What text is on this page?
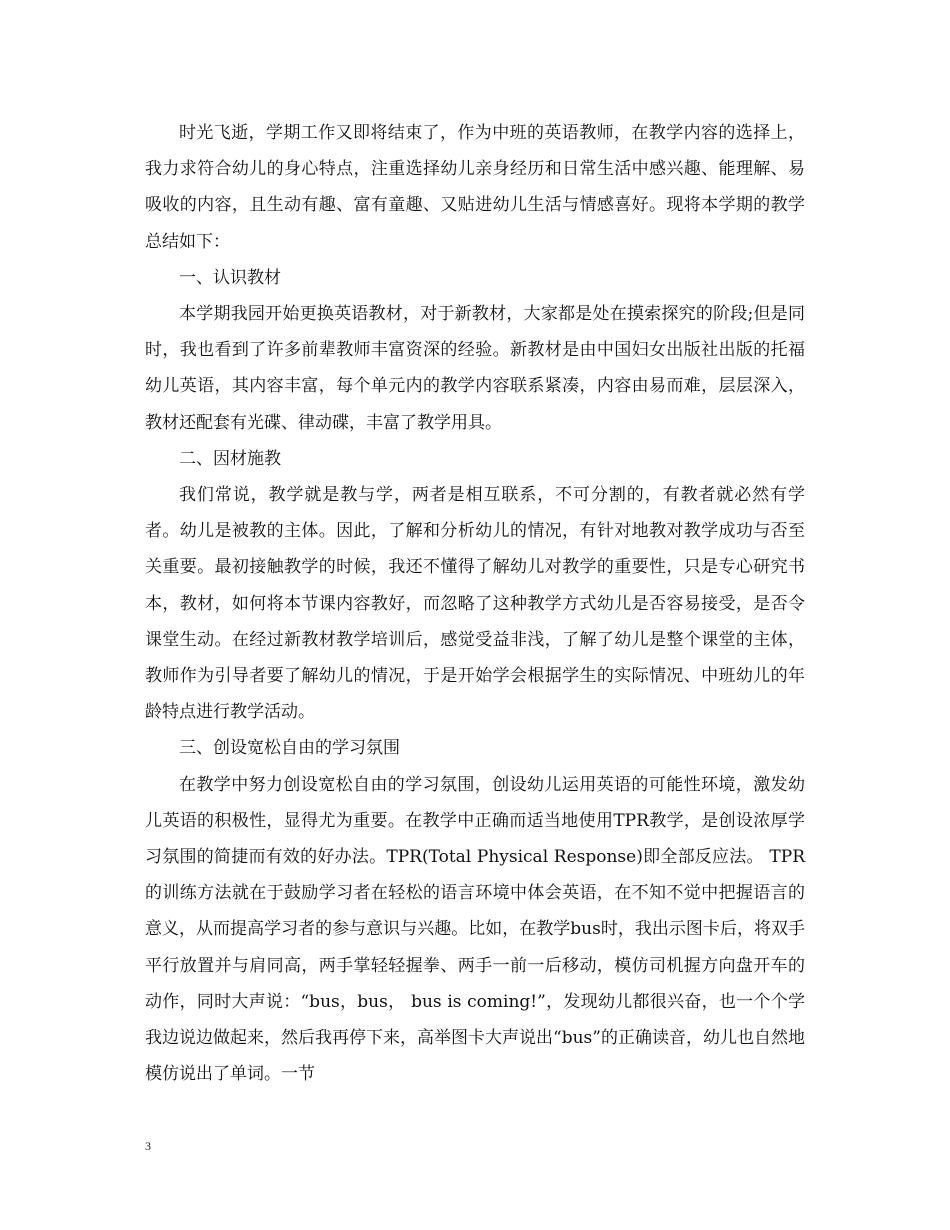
时光飞逝，学期工作又即将结束了，作为中班的英语教师，在教学内容的选择上，我力求符合幼儿的身心特点，注重选择幼儿亲身经历和日常生活中感兴趣、能理解、易吸收的内容，且生动有趣、富有童趣、又贴进幼儿生活与情感喜好。现将本学期的教学总结如下：

一、认识教材

本学期我园开始更换英语教材，对于新教材，大家都是处在摸索探究的阶段;但是同时，我也看到了许多前辈教师丰富资深的经验。新教材是由中国妇女出版社出版的托福幼儿英语，其内容丰富，每个单元内的教学内容联系紧凑，内容由易而难，层层深入，教材还配套有光碟、律动碟，丰富了教学用具。

二、因材施教

我们常说，教学就是教与学，两者是相互联系，不可分割的，有教者就必然有学者。幼儿是被教的主体。因此，了解和分析幼儿的情况，有针对地教对教学成功与否至关重要。最初接触教学的时候，我还不懂得了解幼儿对教学的重要性，只是专心研究书本，教材，如何将本节课内容教好，而忽略了这种教学方式幼儿是否容易接受，是否令课堂生动。在经过新教材教学培训后，感觉受益非浅，了解了幼儿是整个课堂的主体，教师作为引导者要了解幼儿的情况，于是开始学会根据学生的实际情况、中班幼儿的年龄特点进行教学活动。

三、创设宽松自由的学习氛围

在教学中努力创设宽松自由的学习氛围，创设幼儿运用英语的可能性环境，激发幼儿英语的积极性，显得尤为重要。在教学中正确而适当地使用TPR教学，是创设浓厚学习氛围的简捷而有效的好办法。TPR(Total Physical Response)即全部反应法。 TPR的训练方法就在于鼓励学习者在轻松的语言环境中体会英语，在不知不觉中把握语言的意义，从而提高学习者的参与意识与兴趣。比如，在教学bus时，我出示图卡后，将双手平行放置并与肩同高，两手掌轻轻握拳、两手一前一后移动，模仿司机握方向盘开车的动作，同时大声说：“bus，bus， bus is coming!”，发现幼儿都很兴奋，也一个个学我边说边做起来，然后我再停下来，高举图卡大声说出“bus”的正确读音，幼儿也自然地模仿说出了单词。一节

3
